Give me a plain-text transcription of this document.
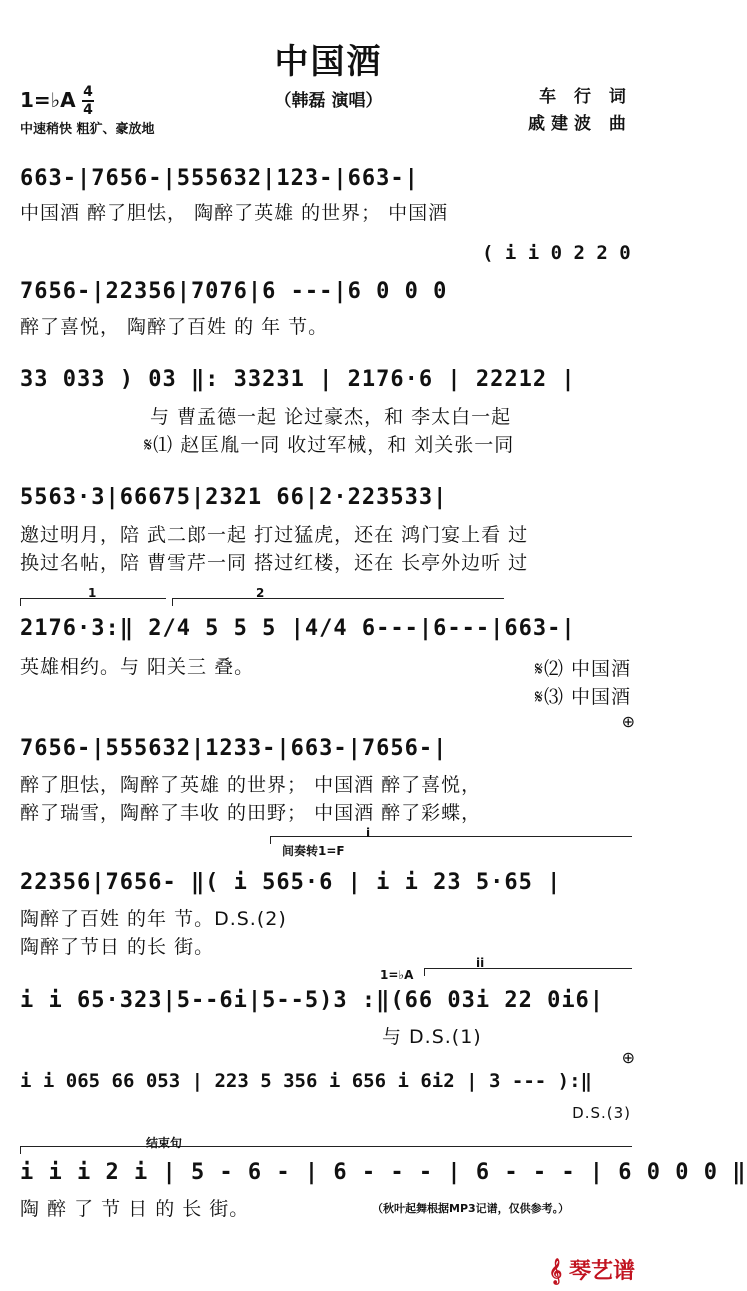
中国酒
1=♭A 4
4	（韩磊 演唱）	车 行 词
戚建波 曲
中速稍快 粗犷、豪放地
663-|7656-|555632|123-|663-|
中国酒 醉了胆怯， 陶醉了英雄 的世界； 中国酒
( i i 0 2 2 0
7656-|22356|7076|6 ---|6 0 0 0
醉了喜悦， 陶醉了百姓 的 年 节。
33 033 ) 03 ‖: 33231 | 2176·6 | 22212 |
与 曹孟德一起 论过豪杰，和 李太白一起
𝄋⑴ 赵匡胤一同 收过军械，和 刘关张一同
5563·3|66675|2321 66|2·223533|
邀过明月，陪 武二郎一起 打过猛虎，还在 鸿门宴上看 过
换过名帖，陪 曹雪芹一同 搭过红楼，还在 长亭外边听 过
1	2
2176·3:‖ 2/4 5 5 5 |4/4 6---|6---|663-|
英雄相约。与 阳关三 叠。	𝄋⑵ 中国酒
𝄋⑶ 中国酒
⊕
7656-|555632|1233-|663-|7656-|
醉了胆怯，陶醉了英雄 的世界； 中国酒 醉了喜悦，
醉了瑞雪，陶醉了丰收 的田野； 中国酒 醉了彩蝶，
间奏转1=F
i
22356|7656- ‖( i 565·6 | i i 23 5·65 |
陶醉了百姓 的年 节。D.S.(2)
陶醉了节日 的长 街。
1=♭A
ii
i i 65·323|5--6i|5--5)3 :‖(66 03i 22 0i6|
与 D.S.(1)
⊕
i i 065 66 053 | 223 5 356 i 656 i 6i2 | 3 --- ):‖
D.S.(3)
结束句
i i i 2 i | 5 - 6 - | 6 - - - | 6 - - - | 6 0 0 0 ‖
陶 醉 了 节 日 的 长 街。	（秋叶起舞根据MP3记谱，仅供参考。）
𝄞 琴艺谱
